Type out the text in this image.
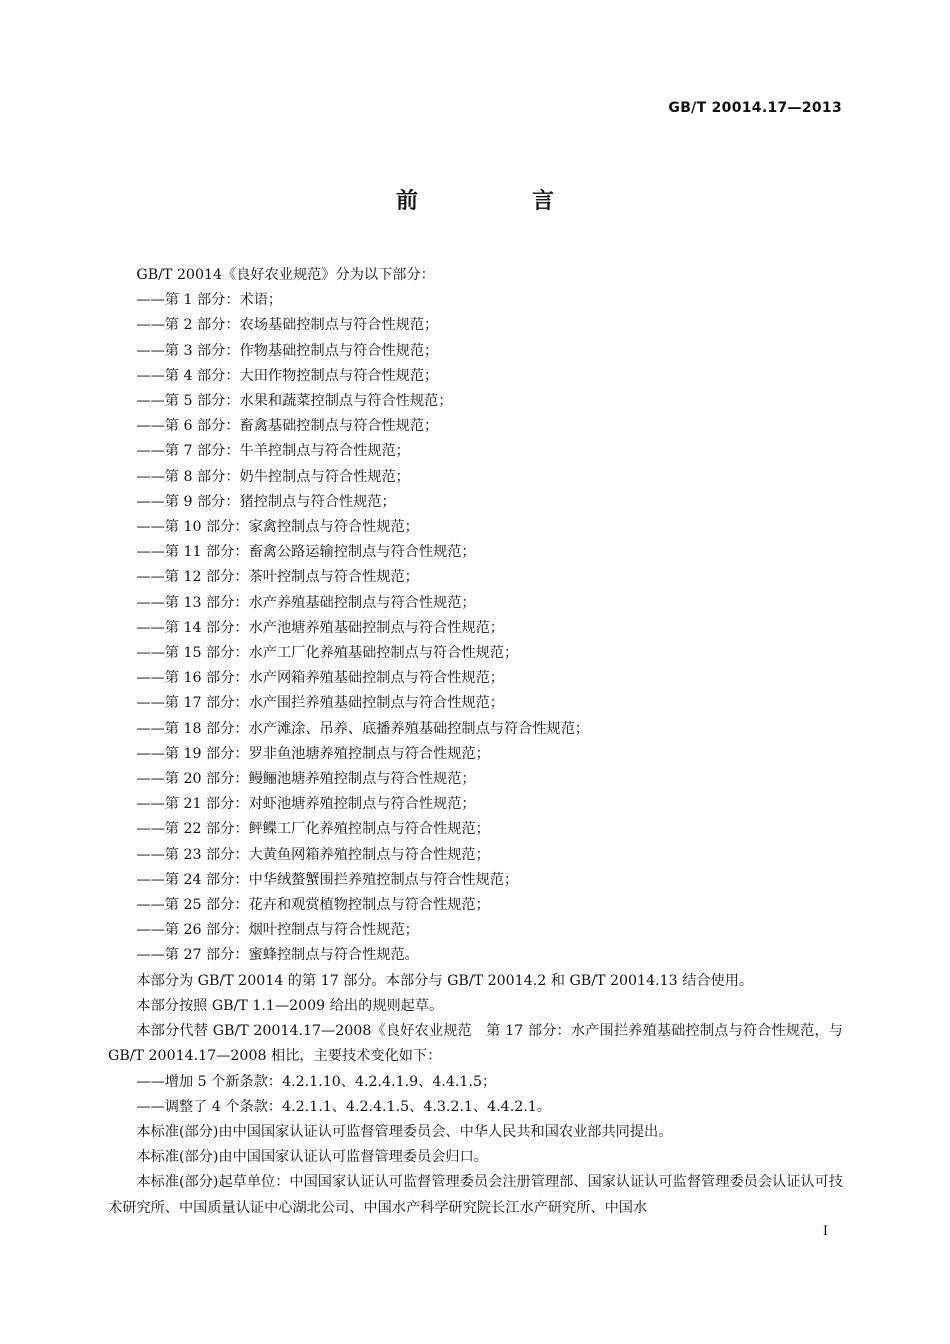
GB/T 20014.17—2013
前　言

GB/T 20014《良好农业规范》分为以下部分：

——第 1 部分：术语；
——第 2 部分：农场基础控制点与符合性规范；
——第 3 部分：作物基础控制点与符合性规范；
——第 4 部分：大田作物控制点与符合性规范；
——第 5 部分：水果和蔬菜控制点与符合性规范；
——第 6 部分：畜禽基础控制点与符合性规范；
——第 7 部分：牛羊控制点与符合性规范；
——第 8 部分：奶牛控制点与符合性规范；
——第 9 部分：猪控制点与符合性规范；
——第 10 部分：家禽控制点与符合性规范；
——第 11 部分：畜禽公路运输控制点与符合性规范；
——第 12 部分：茶叶控制点与符合性规范；
——第 13 部分：水产养殖基础控制点与符合性规范；
——第 14 部分：水产池塘养殖基础控制点与符合性规范；
——第 15 部分：水产工厂化养殖基础控制点与符合性规范；
——第 16 部分：水产网箱养殖基础控制点与符合性规范；
——第 17 部分：水产围拦养殖基础控制点与符合性规范；
——第 18 部分：水产滩涂、吊养、底播养殖基础控制点与符合性规范；
——第 19 部分：罗非鱼池塘养殖控制点与符合性规范；
——第 20 部分：鳗鲡池塘养殖控制点与符合性规范；
——第 21 部分：对虾池塘养殖控制点与符合性规范；
——第 22 部分：鲆鲽工厂化养殖控制点与符合性规范；
——第 23 部分：大黄鱼网箱养殖控制点与符合性规范；
——第 24 部分：中华绒螯蟹围拦养殖控制点与符合性规范；
——第 25 部分：花卉和观赏植物控制点与符合性规范；
——第 26 部分：烟叶控制点与符合性规范；
——第 27 部分：蜜蜂控制点与符合性规范。

本部分为 GB/T 20014 的第 17 部分。本部分与 GB/T 20014.2 和 GB/T 20014.13 结合使用。

本部分按照 GB/T 1.1—2009 给出的规则起草。

本部分代替 GB/T 20014.17—2008《良好农业规范　第 17 部分：水产围拦养殖基础控制点与符合性规范，与 GB/T 20014.17—2008 相比，主要技术变化如下：

——增加 5 个新条款：4.2.1.10、4.2.4.1.9、4.4.1.5；

——调整了 4 个条款：4.2.1.1、4.2.4.1.5、4.3.2.1、4.4.2.1。

本标准(部分)由中国国家认证认可监督管理委员会、中华人民共和国农业部共同提出。

本标准(部分)由中国国家认证认可监督管理委员会归口。

本标准(部分)起草单位：中国国家认证认可监督管理委员会注册管理部、国家认证认可监督管理委员会认证认可技术研究所、中国质量认证中心湖北公司、中国水产科学研究院长江水产研究所、中国水

I
